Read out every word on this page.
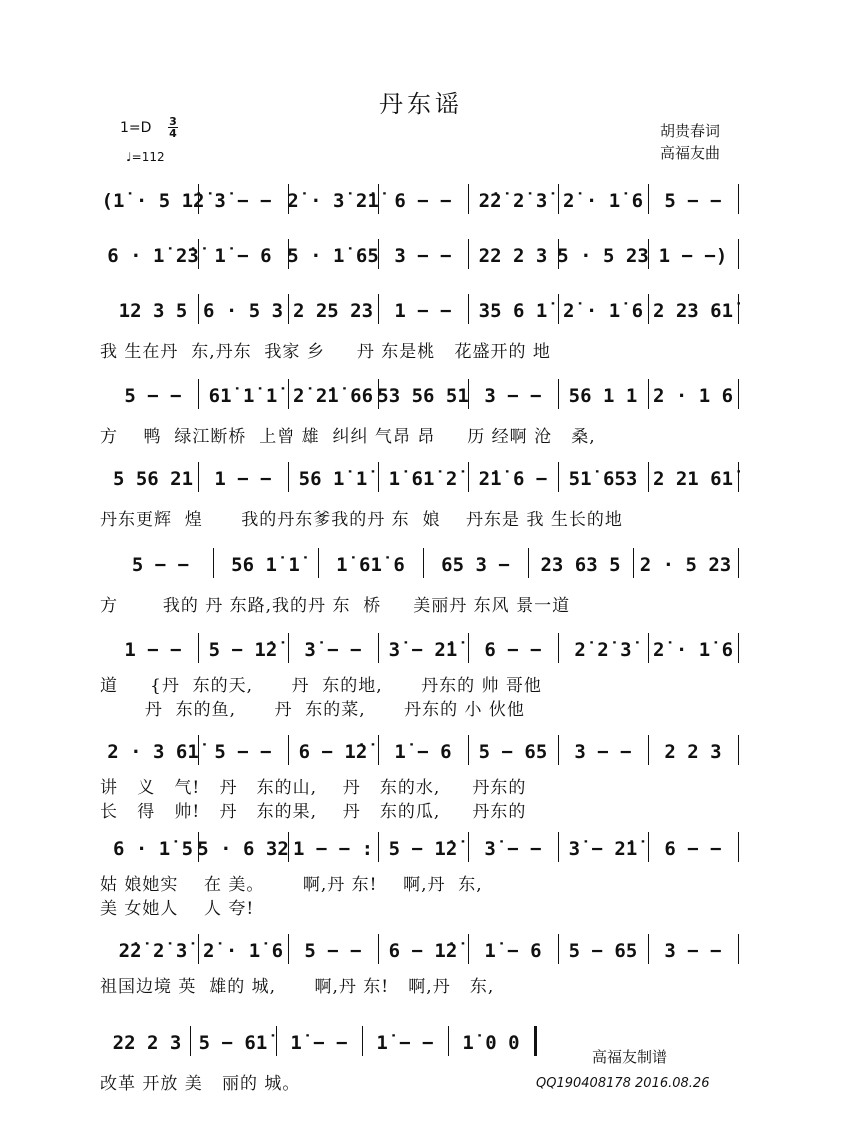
丹东谣
$1=D \frac{3}{4}$
♩=112
胡贵春词
高福友曲
(1̇ · 5 1̇2̇ 3̇ − − 2̇ · 3̇ 2̇1̇ 6 − −	2̇2̇ 2̇ 3̇ 2̇ · 1̇ 6	5 − −
6 · 1̇ 2̇3̇ 1̇ − 6 5 · 1̇ 65 3 − −	22 2 3 5 · 5 23 1 − −)
12 3 5 6 · 5 3 2 25 23	1 − −	35 6 1̇ 2̇ · 1̇ 6 2 23 61̇
我 生在丹  东,丹东  我家 乡     丹 东是桃   花盛开的 地
5 − −	61̇ 1̇ 1̇ 2̇ 2̇1̇ 66 53 56 51 3 − −	56 1 1 2 · 1 6
方    鸭  绿江断桥  上曾 雄  纠纠 气昂 昂     历 经啊 沧   桑,
5 56 21	1 − −	56 1̇ 1̇	1̇ 61̇ 2̇	2̇1̇ 6 −	51̇ 653 2 21 61̇
丹东更辉  煌      我的丹东爹我的丹 东  娘    丹东是 我 生长的地
5 − −	56 1̇ 1̇	1̇ 61̇ 6	65 3 −	23 63 5	2 · 5 23
方       我的 丹 东路,我的丹 东  桥     美丽丹 东风 景一道
1 − −	5 − 1̇2̇	3̇ − −	3̇ − 2̇1̇	6 − −	2̇ 2̇ 3̇	2̇ · 1̇ 6
道     {丹  东的天,      丹  东的地,      丹东的 帅 哥他
丹  东的鱼,      丹  东的菜,      丹东的 小 伙他
2 · 3 61̇ 5 − −	6 − 1̇2̇	1̇ − 6	5 − 65	3 − −	2 2 3
讲   义   气!   丹   东的山,    丹   东的水,     丹东的
长   得   帅!   丹   东的果,    丹   东的瓜,     丹东的
6 · 1̇ 5 5 · 6 32 1 − − : 5 − 1̇2̇	3̇ − −	3̇ − 2̇1̇	6 − −
姑 娘她实    在 美。      啊,丹 东!    啊,丹  东,
美 女她人    人 夸!
2̇2̇ 2̇ 3̇ 2̇ · 1̇ 6	5 − −	6 − 1̇2̇	1̇ − 6	5 − 65	3 − −
祖国边境 英  雄的 城,      啊,丹 东!   啊,丹   东,
22 2 3 5 − 61̇	1̇ − −	1̇ − −	1̇ 0 0
改革 开放 美   丽的 城。
高福友制谱
QQ190408178 2016.08.26
